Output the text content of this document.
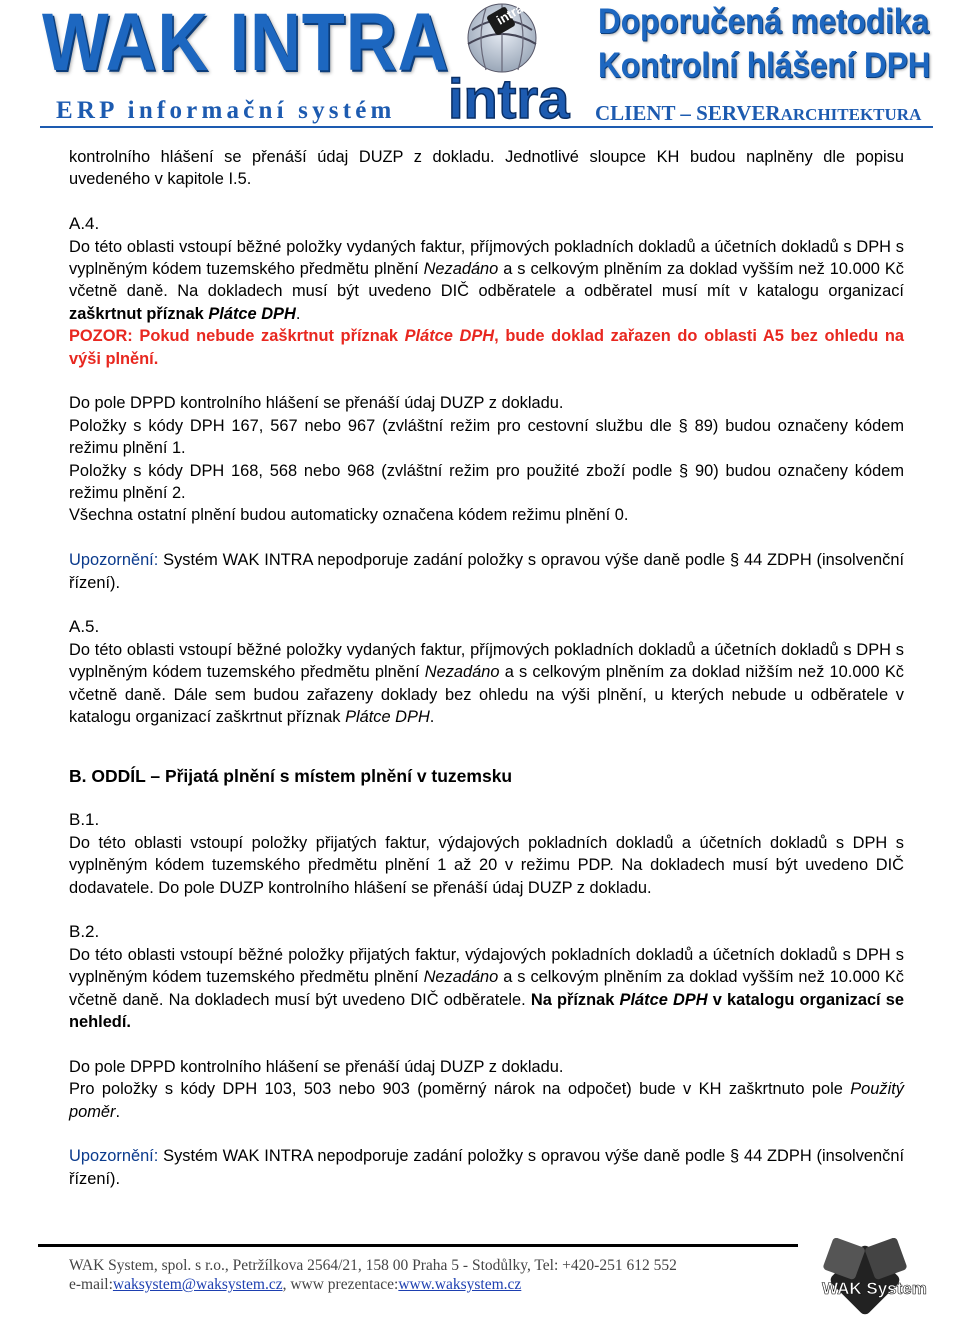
WAK INTRA
ERP informační systém
intra
intra
Doporučená metodika
Kontrolní hlášení DPH
CLIENT – SERVERARCHITEKTURA

kontrolního hlášení se přenáší údaj DUZP z dokladu. Jednotlivé sloupce KH budou naplněny dle popisu uvedeného v kapitole I.5.

A.4.

Do této oblasti vstoupí běžné položky vydaných faktur, příjmových pokladních dokladů a účetních dokladů s DPH s vyplněným kódem tuzemského předmětu plnění Nezadáno a s celkovým plněním za doklad vyšším než 10.000 Kč včetně daně. Na dokladech musí být uvedeno DIČ odběratele a odběratel musí mít v katalogu organizací zaškrtnut příznak Plátce DPH.

POZOR: Pokud nebude zaškrtnut příznak Plátce DPH, bude doklad zařazen do oblasti A5 bez ohledu na výši plnění.

Do pole DPPD kontrolního hlášení se přenáší údaj DUZP z dokladu.

Položky s kódy DPH 167, 567 nebo 967 (zvláštní režim pro cestovní službu dle § 89) budou označeny kódem režimu plnění 1.

Položky s kódy DPH 168, 568 nebo 968 (zvláštní režim pro použité zboží podle § 90) budou označeny kódem režimu plnění 2.

Všechna ostatní plnění budou automaticky označena kódem režimu plnění 0.

Upozornění: Systém WAK INTRA nepodporuje zadání položky s opravou výše daně podle § 44 ZDPH (insolvenční řízení).

A.5.

Do této oblasti vstoupí běžné položky vydaných faktur, příjmových pokladních dokladů a účetních dokladů s DPH s vyplněným kódem tuzemského předmětu plnění Nezadáno a s celkovým plněním za doklad nižším než 10.000 Kč včetně daně. Dále sem budou zařazeny doklady bez ohledu na výši plnění, u kterých nebude u odběratele v katalogu organizací zaškrtnut příznak Plátce DPH.

B. ODDÍL – Přijatá plnění s místem plnění v tuzemsku

B.1.

Do této oblasti vstoupí položky přijatých faktur, výdajových pokladních dokladů a účetních dokladů s DPH s vyplněným kódem tuzemského předmětu plnění 1 až 20 v režimu PDP. Na dokladech musí být uvedeno DIČ dodavatele. Do pole DUZP kontrolního hlášení se přenáší údaj DUZP z dokladu.

B.2.

Do této oblasti vstoupí běžné položky přijatých faktur, výdajových pokladních dokladů a účetních dokladů s DPH s vyplněným kódem tuzemského předmětu plnění Nezadáno a s celkovým plněním za doklad vyšším než 10.000 Kč včetně daně. Na dokladech musí být uvedeno DIČ odběratele. Na příznak Plátce DPH v katalogu organizací se nehledí.

Do pole DPPD kontrolního hlášení se přenáší údaj DUZP z dokladu.

Pro položky s kódy DPH 103, 503 nebo 903 (poměrný nárok na odpočet) bude v KH zaškrtnuto pole Použitý poměr.

Upozornění: Systém WAK INTRA nepodporuje zadání položky s opravou výše daně podle § 44 ZDPH (insolvenční řízení).

WAK System, spol. s r.o., Petržílkova 2564/21, 158 00 Praha 5 - Stodůlky, Tel: +420-251 612 552
e-mail:waksystem@waksystem.cz, www prezentace:www.waksystem.cz	WAK System
